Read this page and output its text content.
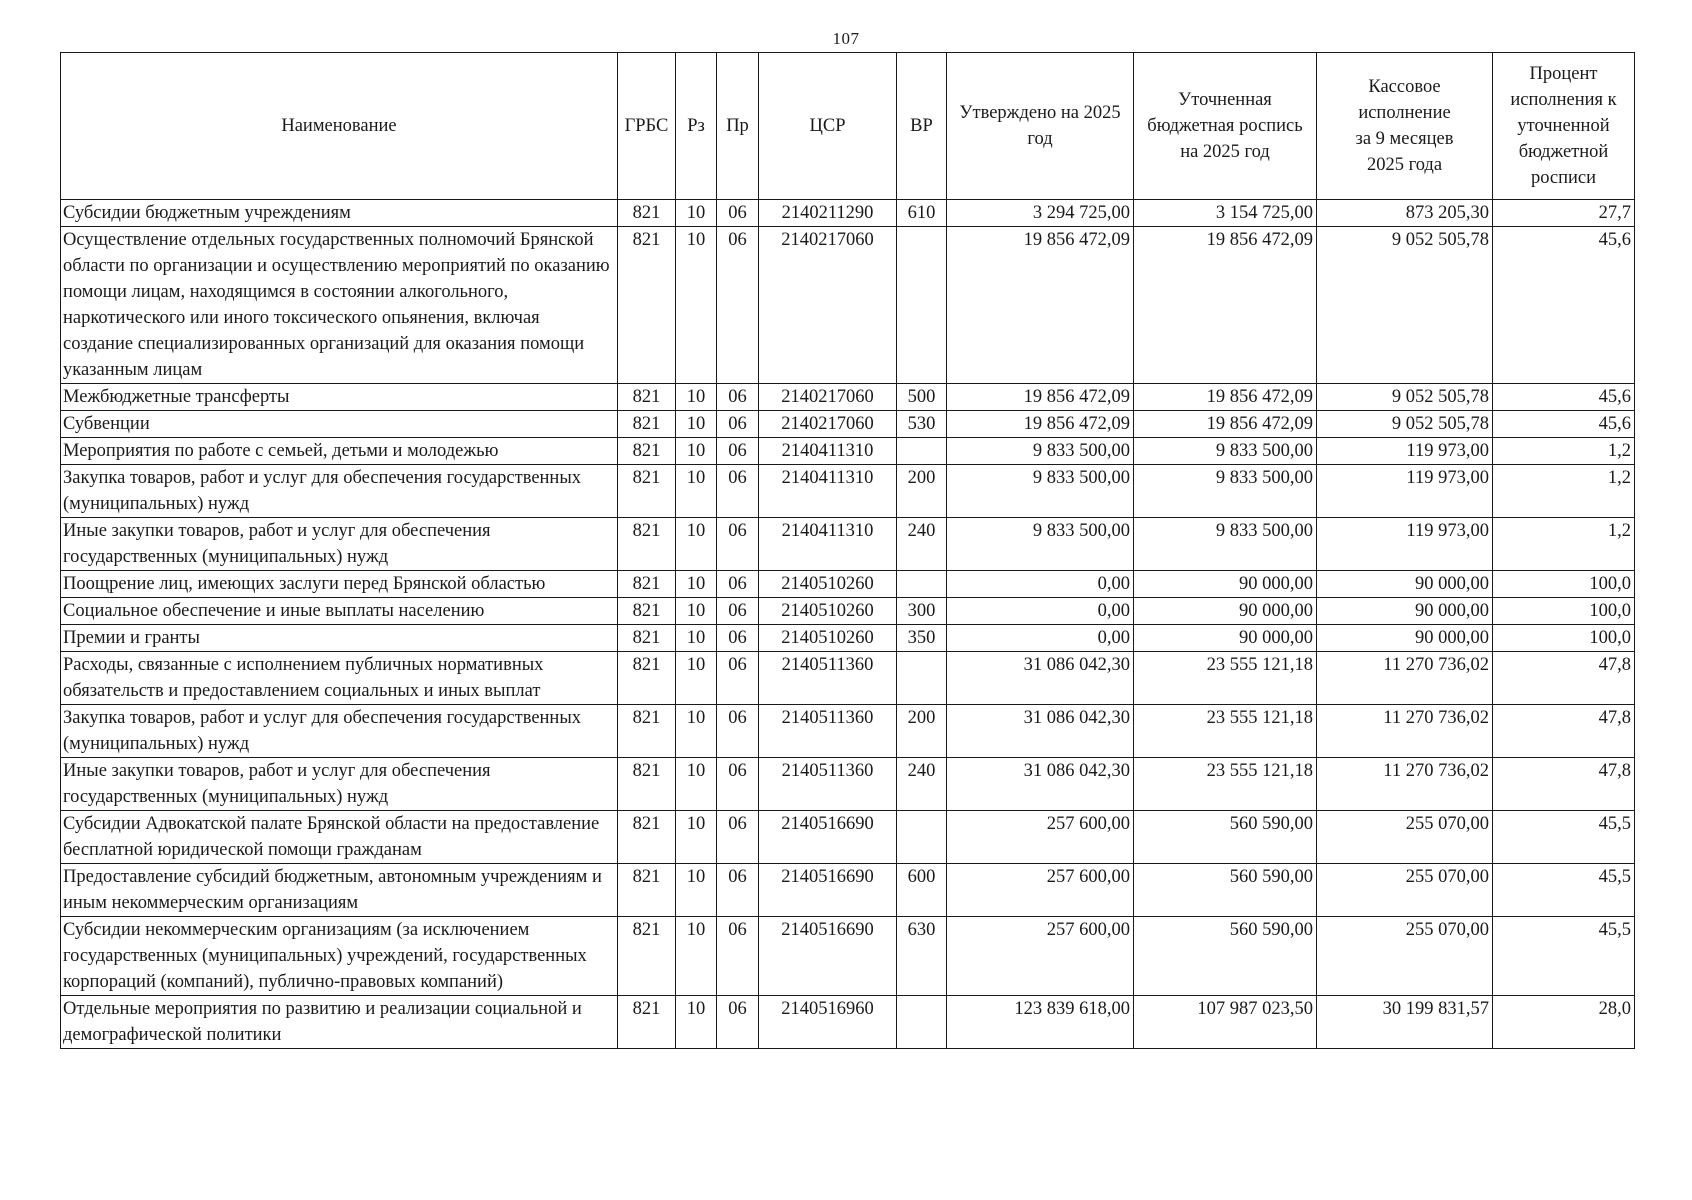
107
Наименование	ГРБС	Рз	Пр	ЦСР	ВР	Утверждено на 2025 год	Уточненная бюджетная роспись на 2025 год	Кассовое
исполнение
за 9 месяцев
2025 года	Процент
исполнения к
уточненной
бюджетной
росписи

Субсидии бюджетным учреждениям	821	10	06	2140211290	610	3 294 725,00	3 154 725,00	873 205,30	27,7
Осуществление отдельных государственных полномочий Брянской области по организации и осуществлению мероприятий по оказанию помощи лицам, находящимся в состоянии алкогольного, наркотического или иного токсического опьянения, включая создание специализированных организаций для оказания помощи указанным лицам	821	10	06	2140217060		19 856 472,09	19 856 472,09	9 052 505,78	45,6
Межбюджетные трансферты	821	10	06	2140217060	500	19 856 472,09	19 856 472,09	9 052 505,78	45,6
Субвенции	821	10	06	2140217060	530	19 856 472,09	19 856 472,09	9 052 505,78	45,6
Мероприятия по работе с семьей, детьми и молодежью	821	10	06	2140411310		9 833 500,00	9 833 500,00	119 973,00	1,2
Закупка товаров, работ и услуг для обеспечения государственных (муниципальных) нужд	821	10	06	2140411310	200	9 833 500,00	9 833 500,00	119 973,00	1,2
Иные закупки товаров, работ и услуг для обеспечения государственных (муниципальных) нужд	821	10	06	2140411310	240	9 833 500,00	9 833 500,00	119 973,00	1,2
Поощрение лиц, имеющих заслуги перед Брянской областью	821	10	06	2140510260		0,00	90 000,00	90 000,00	100,0
Социальное обеспечение и иные выплаты населению	821	10	06	2140510260	300	0,00	90 000,00	90 000,00	100,0
Премии и гранты	821	10	06	2140510260	350	0,00	90 000,00	90 000,00	100,0
Расходы, связанные с исполнением публичных нормативных обязательств и предоставлением социальных и иных выплат	821	10	06	2140511360		31 086 042,30	23 555 121,18	11 270 736,02	47,8
Закупка товаров, работ и услуг для обеспечения государственных (муниципальных) нужд	821	10	06	2140511360	200	31 086 042,30	23 555 121,18	11 270 736,02	47,8
Иные закупки товаров, работ и услуг для обеспечения государственных (муниципальных) нужд	821	10	06	2140511360	240	31 086 042,30	23 555 121,18	11 270 736,02	47,8
Субсидии Адвокатской палате Брянской области на предоставление бесплатной юридической помощи гражданам	821	10	06	2140516690		257 600,00	560 590,00	255 070,00	45,5
Предоставление субсидий бюджетным, автономным учреждениям и иным некоммерческим организациям	821	10	06	2140516690	600	257 600,00	560 590,00	255 070,00	45,5
Субсидии некоммерческим организациям (за исключением государственных (муниципальных) учреждений, государственных корпораций (компаний), публично-правовых компаний)	821	10	06	2140516690	630	257 600,00	560 590,00	255 070,00	45,5
Отдельные мероприятия по развитию и реализации социальной и демографической политики	821	10	06	2140516960		123 839 618,00	107 987 023,50	30 199 831,57	28,0
